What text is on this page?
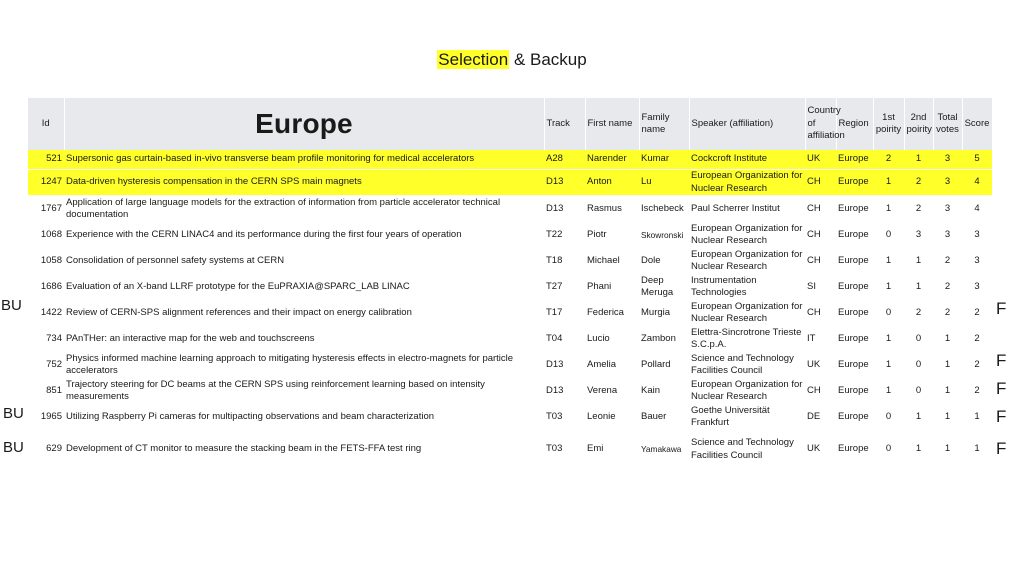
Selection & Backup
Id	Europe	Track	First name	Family name	Speaker (affiliation)	Country of affiliation	Region	1st poirity	2nd poirity	Total votes	Score
521	Supersonic gas curtain-based in-vivo transverse beam profile monitoring for medical accelerators	A28	Narender	Kumar	Cockcroft Institute	UK	Europe	2	1	3	5
1247	Data-driven hysteresis compensation in the CERN SPS main magnets	D13	Anton	Lu	European Organization for Nuclear Research	CH	Europe	1	2	3	4
1767	Application of large language models for the extraction of information from particle accelerator technical documentation	D13	Rasmus	Ischebeck	Paul Scherrer Institut	CH	Europe	1	2	3	4
1068	Experience with the CERN LINAC4 and its performance during the first four years of operation	T22	Piotr	Skowronski	European Organization for Nuclear Research	CH	Europe	0	3	3	3
1058	Consolidation of personnel safety systems at CERN	T18	Michael	Dole	European Organization for Nuclear Research	CH	Europe	1	1	2	3
1686	Evaluation of an X-band LLRF prototype for the EuPRAXIA@SPARC_LAB LINAC	T27	Phani	Deep Meruga	Instrumentation Technologies	SI	Europe	1	1	2	3
1422	Review of CERN-SPS alignment references and their impact on energy calibration	T17	Federica	Murgia	European Organization for Nuclear Research	CH	Europe	0	2	2	2
734	PAnTHer: an interactive map for the web and touchscreens	T04	Lucio	Zambon	Elettra-Sincrotrone Trieste S.C.p.A.	IT	Europe	1	0	1	2
752	Physics informed machine learning approach to mitigating hysteresis effects in electro-magnets for particle accelerators	D13	Amelia	Pollard	Science and Technology Facilities Council	UK	Europe	1	0	1	2
851	Trajectory steering for DC beams at the CERN SPS using reinforcement learning based on intensity measurements	D13	Verena	Kain	European Organization for Nuclear Research	CH	Europe	1	0	1	2
1965	Utilizing Raspberry Pi cameras for multipacting observations and beam characterization	T03	Leonie	Bauer	Goethe Universität Frankfurt	DE	Europe	0	1	1	1
629	Development of CT monitor to measure the stacking beam in the FETS-FFA test ring	T03	Emi	Yamakawa	Science and Technology Facilities Council	UK	Europe	0	1	1	1
BU
BU
BU
F
F
F
F
F
